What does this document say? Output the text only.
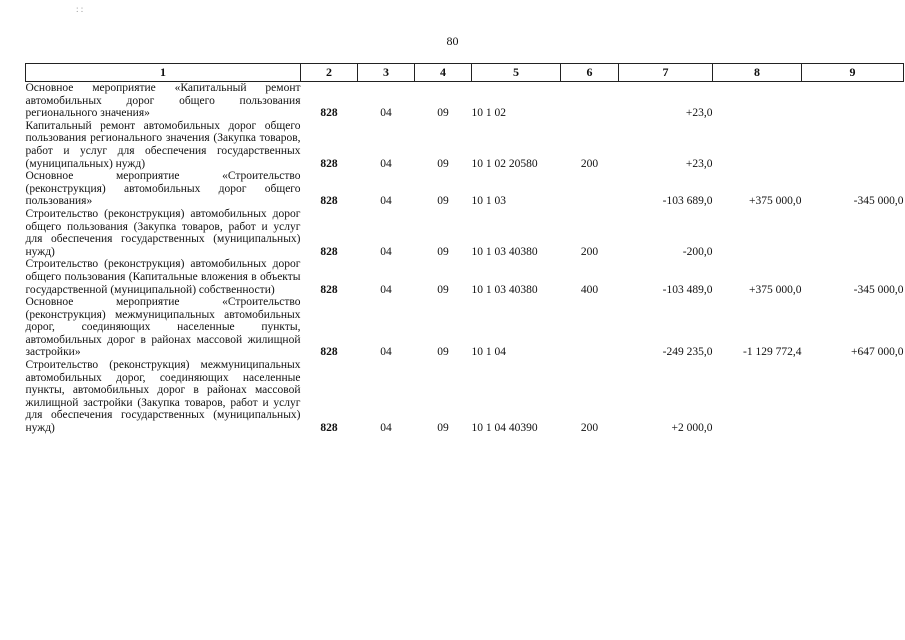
80
: :
1	2	3	4	5	6	7	8	9

Основное мероприятие «Капитальный ремонт автомобильных дорог общего пользования регионального значения»	828	04	09	10 1 02		+23,0		

Капитальный ремонт автомобильных дорог общего пользования регионального значения (Закупка товаров, работ и услуг для обеспечения государственных (муниципальных) нужд)	828	04	09	10 1 02 20580	200	+23,0		

Основное мероприятие «Строительство (реконструкция) автомобильных дорог общего пользования»	828	04	09	10 1 03		-103 689,0	+375 000,0	-345 000,0

Строительство (реконструкция) автомобильных дорог общего пользования (Закупка товаров, работ и услуг для обеспечения государственных (муниципальных) нужд)	828	04	09	10 1 03 40380	200	-200,0		

Строительство (реконструкция) автомобильных дорог общего пользования (Капитальные вложения в объекты государственной (муниципальной) собственности)	828	04	09	10 1 03 40380	400	-103 489,0	+375 000,0	-345 000,0

Основное мероприятие «Строительство (реконструкция) межмуниципальных автомобильных дорог, соединяющих населенные пункты, автомобильных дорог в районах массовой жилищной застройки»	828	04	09	10 1 04		-249 235,0	-1 129 772,4	+647 000,0

Строительство (реконструкция) межмуниципальных автомобильных дорог, соединяющих населенные пункты, автомобильных дорог в районах массовой жилищной застройки (Закупка товаров, работ и услуг для обеспечения государственных (муниципальных) нужд)	828	04	09	10 1 04 40390	200	+2 000,0		
